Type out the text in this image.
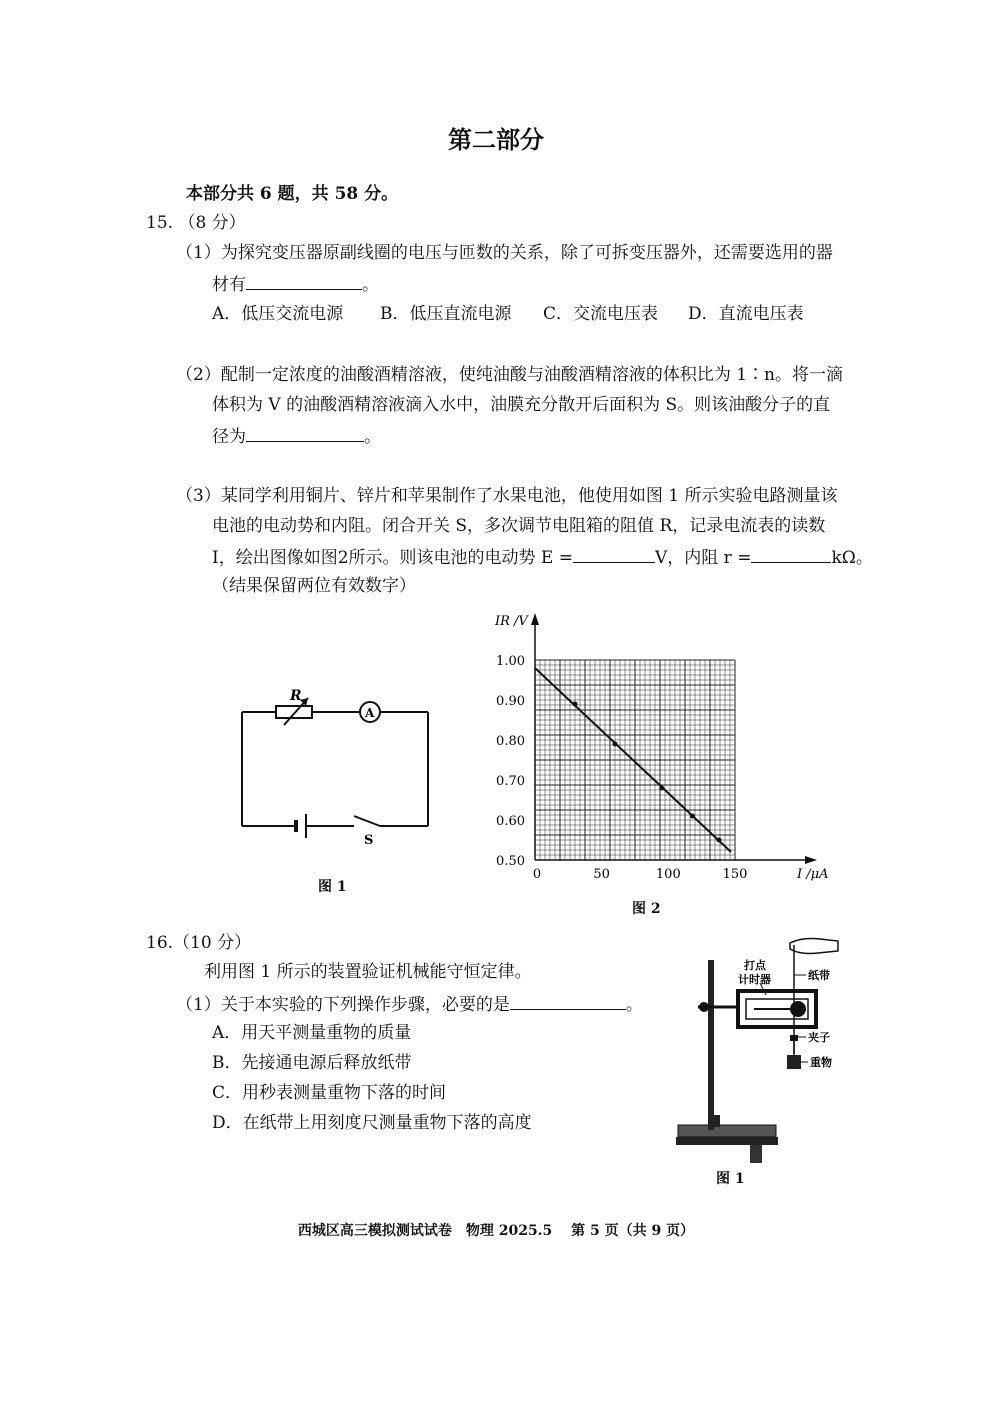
第二部分
本部分共 6 题，共 58 分。
15. （8 分）
（1）为探究变压器原副线圈的电压与匝数的关系，除了可拆变压器外，还需要选用的器
材有	。
A．低压交流电源 B．低压直流电源 C．交流电压表 D．直流电压表
（2）配制一定浓度的油酸酒精溶液，使纯油酸与油酸酒精溶液的体积比为 1∶n。将一滴
体积为 V 的油酸酒精溶液滴入水中，油膜充分散开后面积为 S。则该油酸分子的直
径为	。
（3）某同学利用铜片、锌片和苹果制作了水果电池，他使用如图 1 所示实验电路测量该
电池的电动势和内阻。闭合开关 S，多次调节电阻箱的阻值 R，记录电流表的读数
I，绘出图像如图2所示。则该电池的电动势 E =	V，内阻 r =	kΩ。
（结果保留两位有效数字）
R
A
S
图 1
0.50
0.60
0.70
0.80
0.90
1.00
0	50	100	150	I /μA
IR /V
图 2
16.（10 分）
利用图 1 所示的装置验证机械能守恒定律。
（1）关于本实验的下列操作步骤，必要的是	。
A．用天平测量重物的质量
B．先接通电源后释放纸带
C．用秒表测量重物下落的时间
D．在纸带上用刻度尺测量重物下落的高度
打点
计时器	纸带
夹子
重物
图 1
西城区高三模拟测试试卷　物理 2025.5　 第 5 页（共 9 页）
